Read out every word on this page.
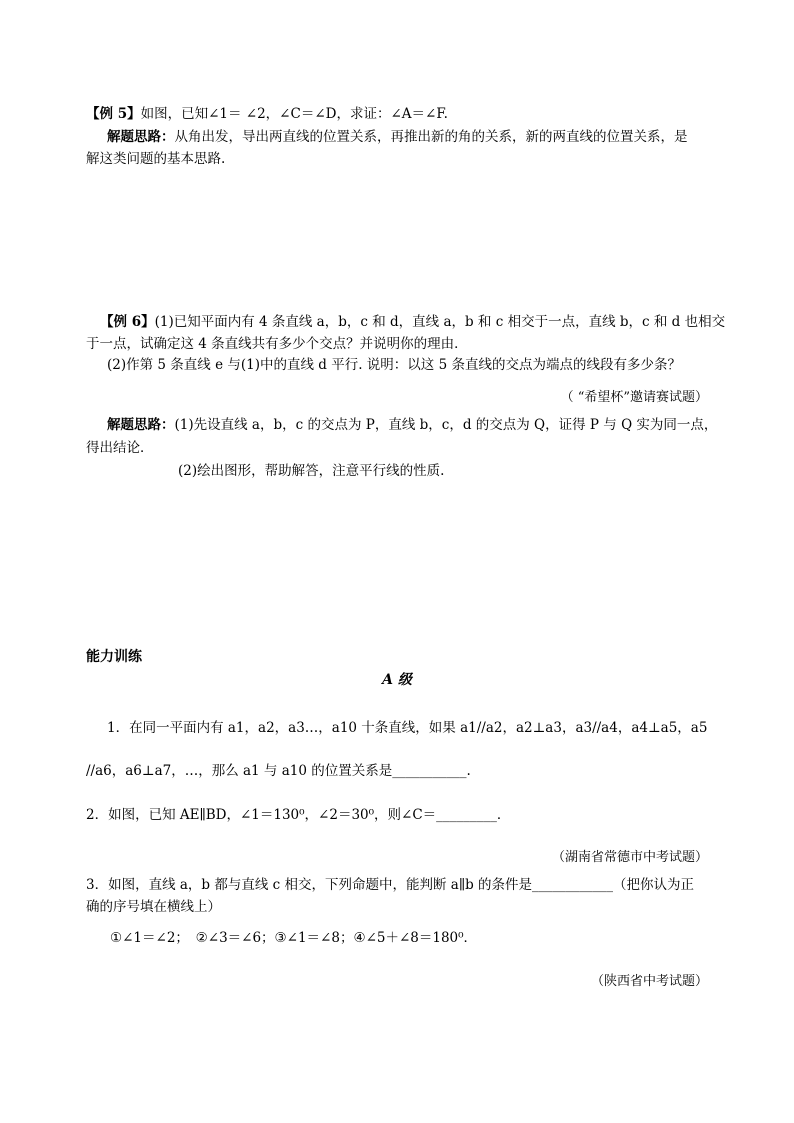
【例 5】如图，已知∠1＝ ∠2，∠C＝∠D，求证：∠A＝∠F.
解题思路：从角出发，导出两直线的位置关系，再推出新的角的关系，新的两直线的位置关系，是
解这类问题的基本思路.
【例 6】(1)已知平面内有 4 条直线 a，b，c 和 d，直线 a，b 和 c 相交于一点，直线 b，c 和 d 也相交
于一点，试确定这 4 条直线共有多少个交点？并说明你的理由．
(2)作第 5 条直线 e 与(1)中的直线 d 平行. 说明：以这 5 条直线的交点为端点的线段有多少条？
（ “希望杯”邀请赛试题）
解题思路：(1)先设直线 a，b，c 的交点为 P，直线 b，c，d 的交点为 Q，证得 P 与 Q 实为同一点，
得出结论．
(2)绘出图形，帮助解答，注意平行线的性质.
能力训练
A 级
1．在同一平面内有 a1，a2，a3…，a10 十条直线，如果 a1//a2，a2⊥a3，a3//a4，a4⊥a5，a5
//a6，a6⊥a7，…，那么 a1 与 a10 的位置关系是___________.
2．如图，已知 AE∥BD，∠1＝130⁰，∠2＝30⁰，则∠C＝_________．
（湖南省常德市中考试题）
3．如图，直线 a，b 都与直线 c 相交，下列命题中，能判断 a∥b 的条件是____________（把你认为正
确的序号填在横线上）
①∠1＝∠2；　②∠3＝∠6；③∠1＝∠8；④∠5＋∠8＝180⁰．
（陕西省中考试题）
